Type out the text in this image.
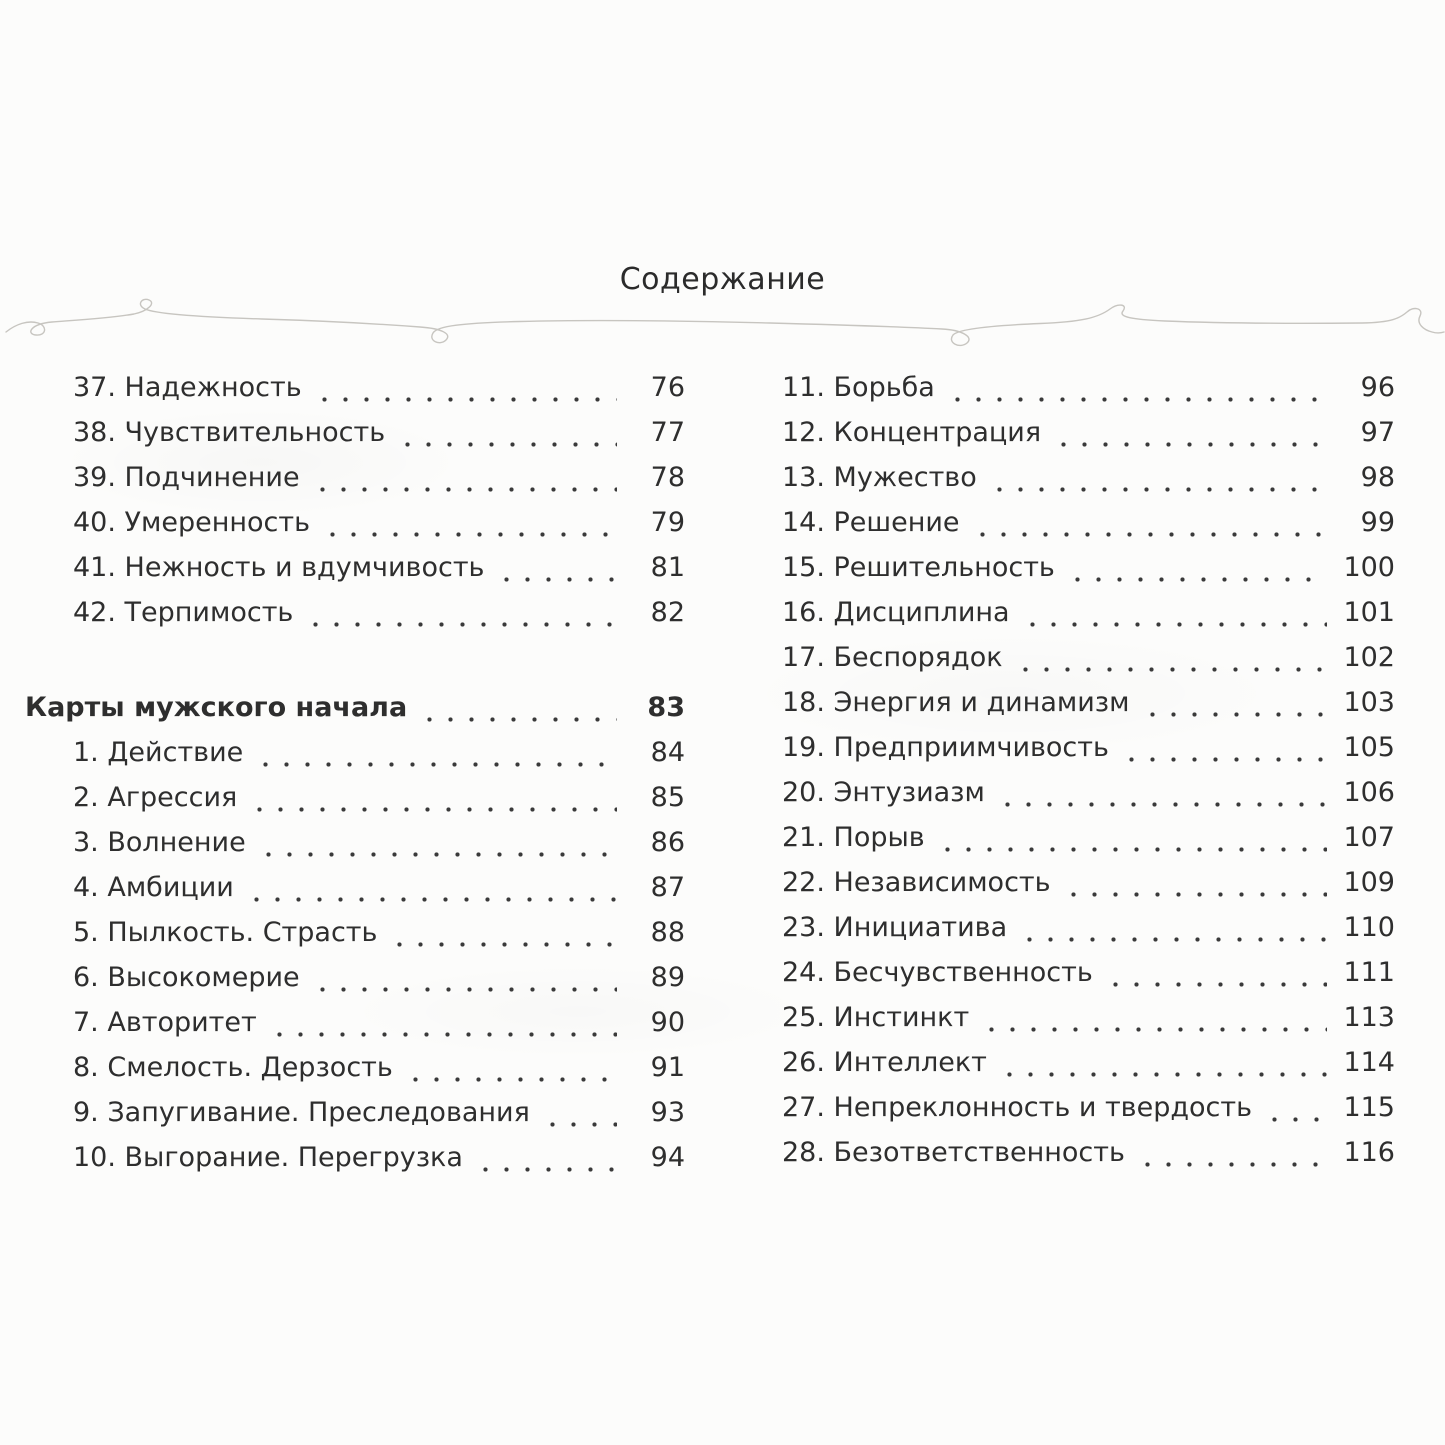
Содержание
37. Надежность	76
38. Чувствительность	77
39. Подчинение	78
40. Умеренность	79
41. Нежность и вдумчивость	81
42. Терпимость	82
Карты мужского начала	83
1. Действие	84
2. Агрессия	85
3. Волнение	86
4. Амбиции	87
5. Пылкость. Страсть	88
6. Высокомерие	89
7. Авторитет	90
8. Смелость. Дерзость	91
9. Запугивание. Преследования	93
10. Выгорание. Перегрузка	94
11. Борьба	96
12. Концентрация	97
13. Мужество	98
14. Решение	99
15. Решительность	100
16. Дисциплина	101
17. Беспорядок	102
18. Энергия и динамизм	103
19. Предприимчивость	105
20. Энтузиазм	106
21. Порыв	107
22. Независимость	109
23. Инициатива	110
24. Бесчувственность	111
25. Инстинкт	113
26. Интеллект	114
27. Непреклонность и твердость	115
28. Безответственность	116
